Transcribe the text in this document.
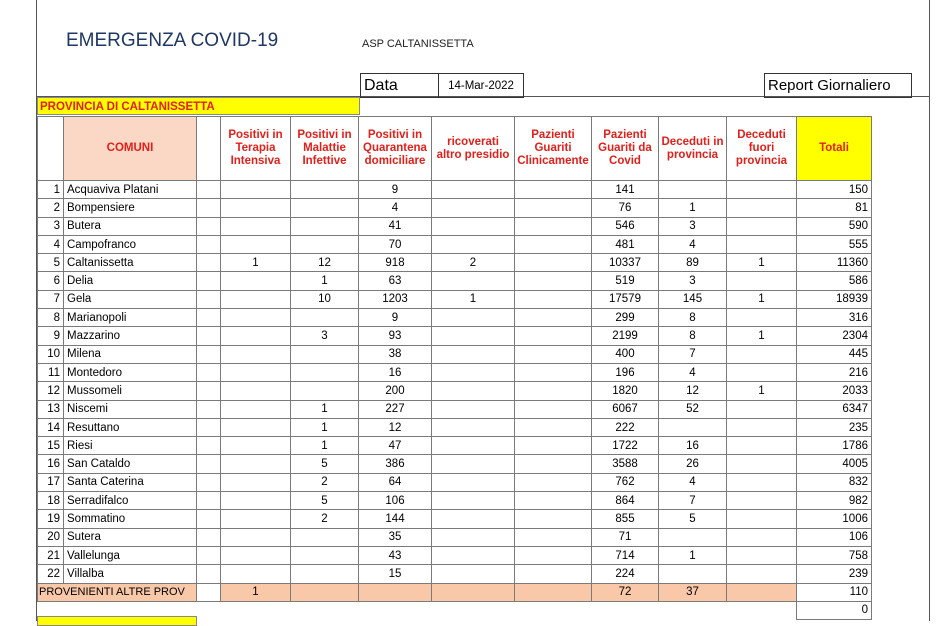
EMERGENZA COVID-19	ASP CALTANISSETTA
Data	14-Mar-2022	Report Giornaliero
PROVINCIA DI CALTANISSETTA
	COMUNI		Positivi in Terapia Intensiva	Positivi in Malattie Infettive	Positivi in Quarantena domiciliare	ricoverati altro presidio	Pazienti Guariti Clinicamente	Pazienti Guariti da Covid	Deceduti in provincia	Deceduti fuori provincia	Totali
1	Acquaviva Platani				9			141			150
2	Bompensiere				4			76	1		81
3	Butera				41			546	3		590
4	Campofranco				70			481	4		555
5	Caltanissetta		1	12	918	2		10337	89	1	11360
6	Delia			1	63			519	3		586
7	Gela			10	1203	1		17579	145	1	18939
8	Marianopoli				9			299	8		316
9	Mazzarino			3	93			2199	8	1	2304
10	Milena				38			400	7		445
11	Montedoro				16			196	4		216
12	Mussomeli				200			1820	12	1	2033
13	Niscemi			1	227			6067	52		6347
14	Resuttano			1	12			222			235
15	Riesi			1	47			1722	16		1786
16	San Cataldo			5	386			3588	26		4005
17	Santa Caterina			2	64			762	4		832
18	Serradifalco			5	106			864	7		982
19	Sommatino			2	144			855	5		1006
20	Sutera				35			71			106
21	Vallelunga				43			714	1		758
22	Villalba				15			224			239
PROVENIENTI ALTRE PROV			1					72	37		110
											0
